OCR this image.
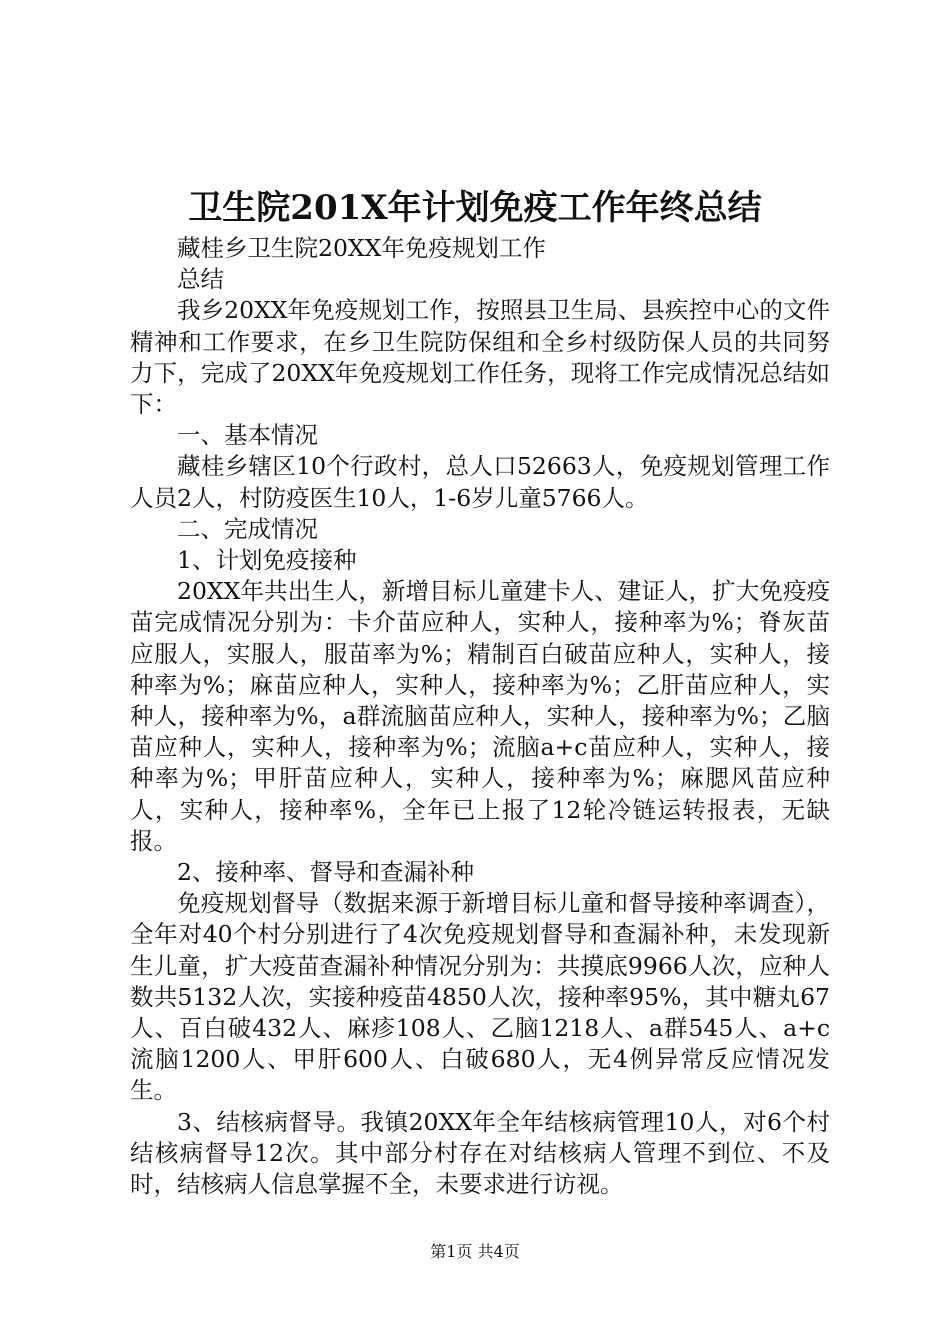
卫生院201X年计划免疫工作年终总结

藏桂乡卫生院20XX年免疫规划工作

总结

我乡20XX年免疫规划工作，按照县卫生局、县疾控中心的文件精神和工作要求，在乡卫生院防保组和全乡村级防保人员的共同努力下，完成了20XX年免疫规划工作任务，现将工作完成情况总结如下：

一、基本情况

藏桂乡辖区10个行政村，总人口52663人，免疫规划管理工作人员2人，村防疫医生10人，1-6岁儿童5766人。

二、完成情况

1、计划免疫接种

20XX年共出生人，新增目标儿童建卡人、建证人，扩大免疫疫苗完成情况分别为：卡介苗应种人，实种人，接种率为%；脊灰苗应服人，实服人，服苗率为%；精制百白破苗应种人，实种人，接种率为%；麻苗应种人，实种人，接种率为%；乙肝苗应种人，实种人，接种率为%，a群流脑苗应种人，实种人，接种率为%；乙脑苗应种人，实种人，接种率为%；流脑a+c苗应种人，实种人，接种率为%；甲肝苗应种人，实种人，接种率为%；麻腮风苗应种人，实种人，接种率%，全年已上报了12轮冷链运转报表，无缺报。

2、接种率、督导和查漏补种

免疫规划督导（数据来源于新增目标儿童和督导接种率调查），全年对40个村分别进行了4次免疫规划督导和查漏补种，未发现新生儿童，扩大疫苗查漏补种情况分别为：共摸底9966人次，应种人数共5132人次，实接种疫苗4850人次，接种率95%，其中糖丸67人、百白破432人、麻疹108人、乙脑1218人、a群545人、a+c流脑1200人、甲肝600人、白破680人，无4例异常反应情况发生。

3、结核病督导。我镇20XX年全年结核病管理10人，对6个村结核病督导12次。其中部分村存在对结核病人管理不到位、不及时，结核病人信息掌握不全，未要求进行访视。

第1页 共4页
